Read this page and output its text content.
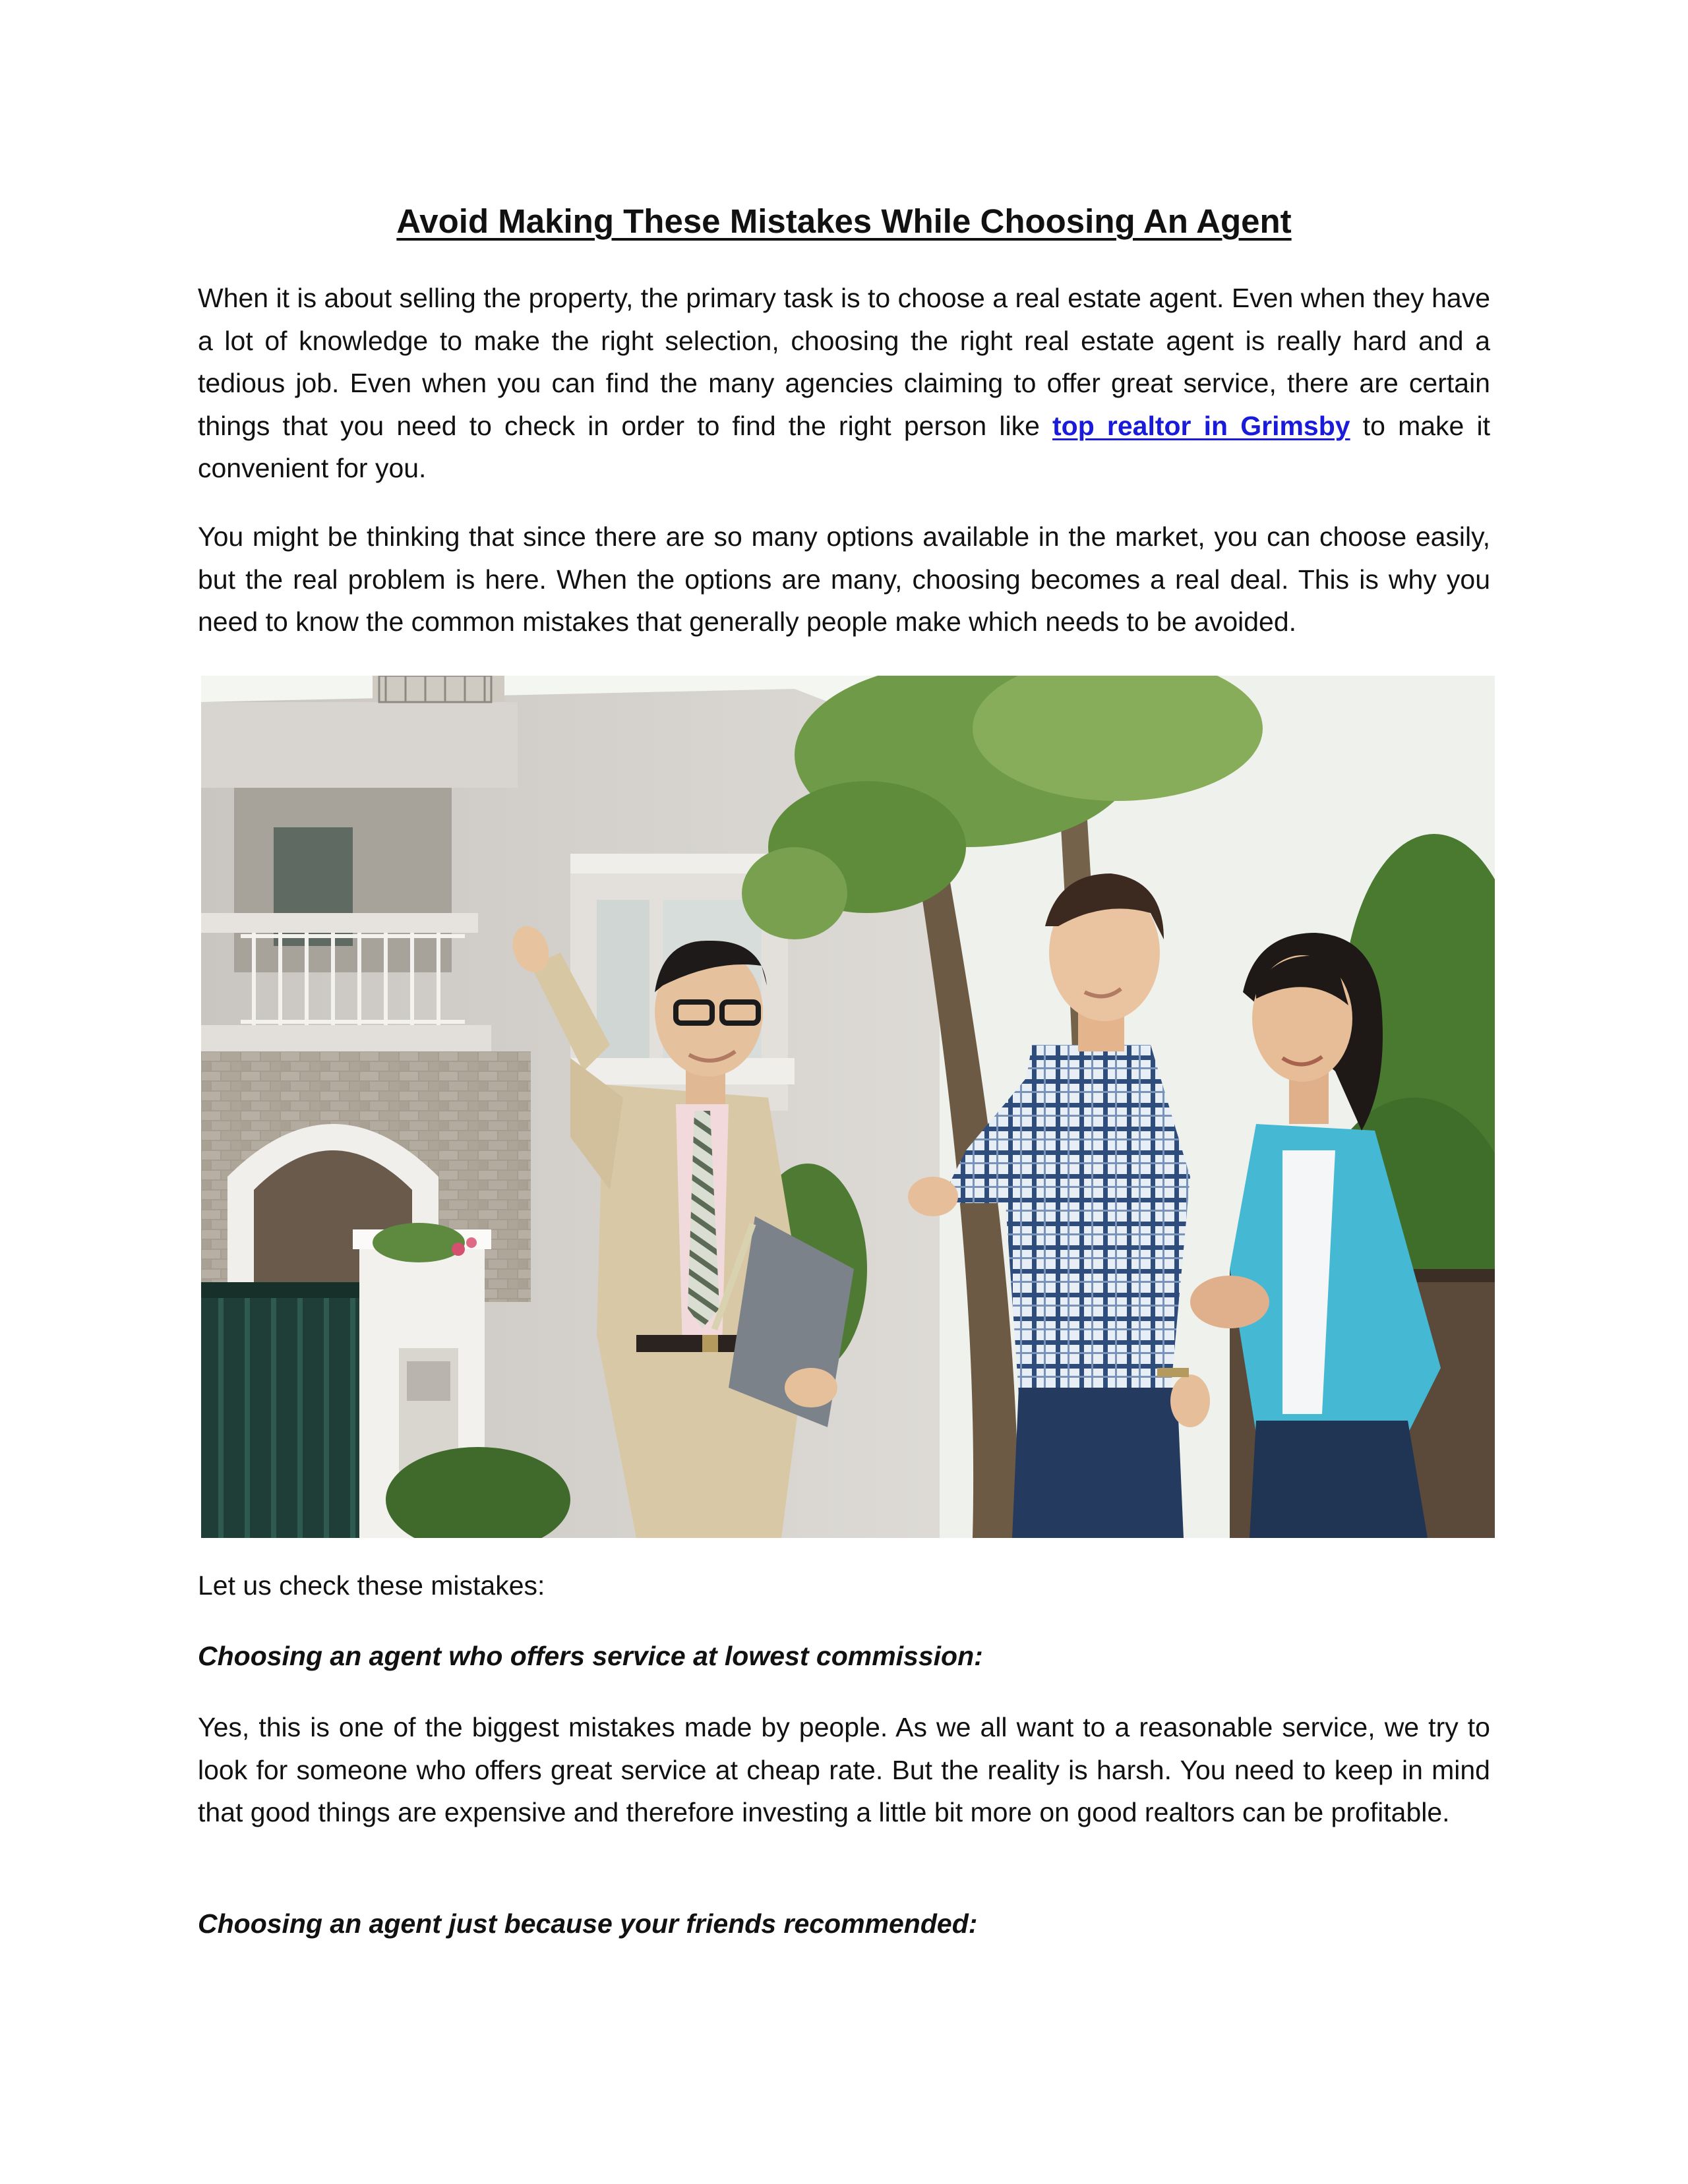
Avoid Making These Mistakes While Choosing An Agent

When it is about selling the property, the primary task is to choose a real estate agent. Even when they have a lot of knowledge to make the right selection, choosing the right real estate agent is really hard and a tedious job. Even when you can find the many agencies claiming to offer great service, there are certain things that you need to check in order to find the right person like top realtor in Grimsby to make it convenient for you.

You might be thinking that since there are so many options available in the market, you can choose easily, but the real problem is here. When the options are many, choosing becomes a real deal. This is why you need to know the common mistakes that generally people make which needs to be avoided.

Let us check these mistakes:

Choosing an agent who offers service at lowest commission:

Yes, this is one of the biggest mistakes made by people. As we all want to a reasonable service, we try to look for someone who offers great service at cheap rate. But the reality is harsh. You need to keep in mind that good things are expensive and therefore investing a little bit more on good realtors can be profitable.

Choosing an agent just because your friends recommended:
